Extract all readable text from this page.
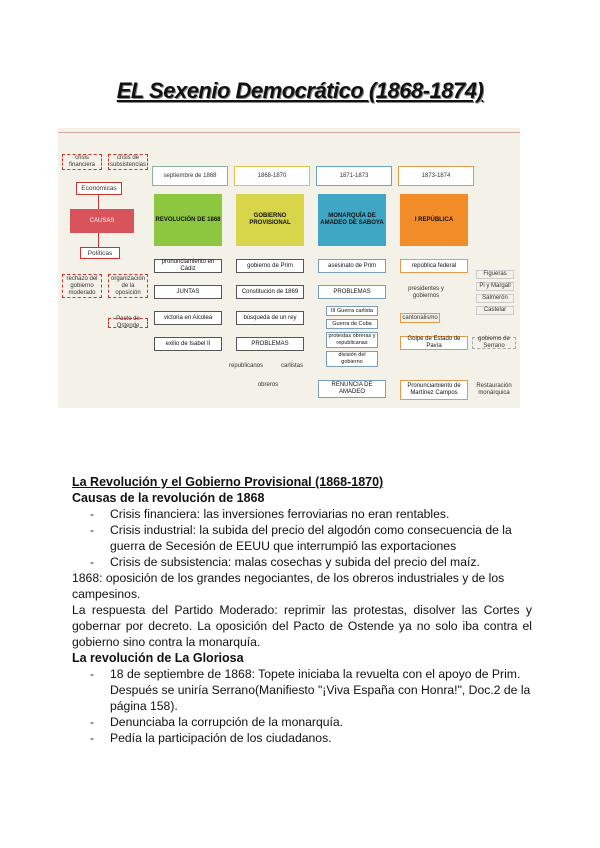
EL Sexenio Democrático (1868-1874)
crisis financiera
crisis de subsistencias
Económicas
CAUSAS
Políticas
rechazo del gobierno moderado
organización de la oposición
Pacto de Ostende
septiembre de 1868	1868-1870	1871-1873	1873-1874
REVOLUCIÓN DE 1868
GOBIERNO PROVISIONAL
MONARQUÍA DE AMADEO DE SABOYA
I REPÚBLICA
pronunciamiento en Cádiz
JUNTAS
victoria en Alcolea
exilio de Isabel II
gobierno de Prim
Constitución de 1869
búsqueda de un rey
PROBLEMAS
republicanos	carlistas
obreros
asesinato de Prim
PROBLEMAS
III Guerra carlista
Guerra de Cuba
protestas obreras y republicanas
división del gobierno
RENUNCIA DE AMADEO
república federal
presidentes y gobiernos
cantonalismo
Golpe de Estado de Pavía
Pronunciamiento de Martínez Campos
Figueras
Pi y Margall
Salmerón
Castelar
gobierno de Serrano
Restauración monárquica
La Revolución y el Gobierno Provisional (1868-1870)
Causas de la revolución de 1868
- Crisis financiera: las inversiones ferroviarias no eran rentables.
- Crisis industrial: la subida del precio del algodón como consecuencia de la guerra de Secesión de EEUU que interrumpió las exportaciones
- Crisis de subsistencia: malas cosechas y subida del precio del maíz.
1868: oposición de los grandes negociantes, de los obreros industriales y de los campesinos.
La respuesta del Partido Moderado: reprimir las protestas, disolver las Cortes y gobernar por decreto. La oposición del Pacto de Ostende ya no solo iba contra el gobierno sino contra la monarquía.
La revolución de La Gloriosa
- 18 de septiembre de 1868: Topete iniciaba la revuelta con el apoyo de Prim. Después se uniría Serrano(Manifiesto "¡Viva España con Honra!", Doc.2 de la página 158).
- Denunciaba la corrupción de la monarquía.
- Pedía la participación de los ciudadanos.
